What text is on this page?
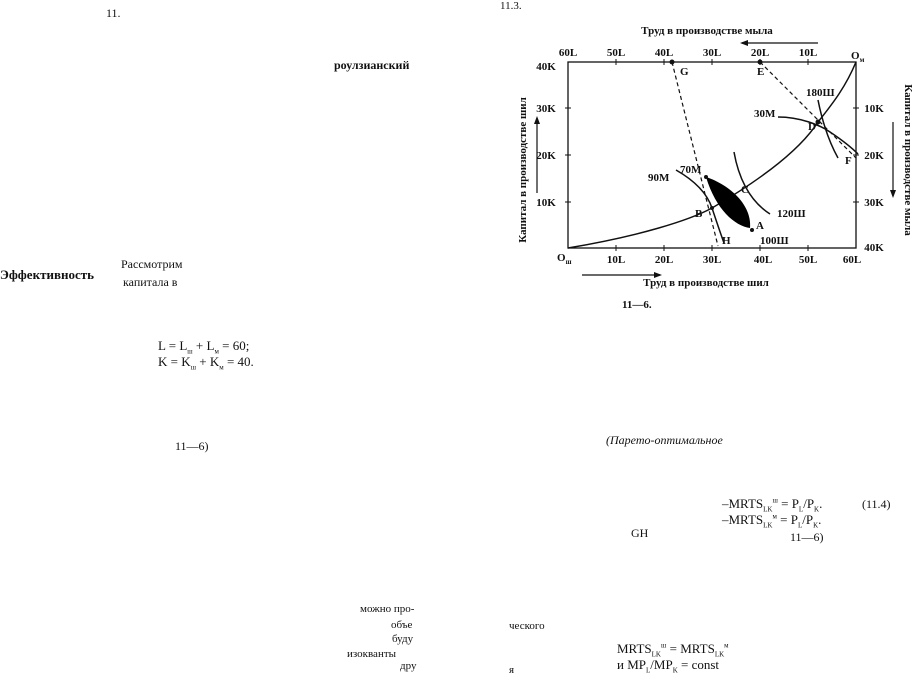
11.
роулзианский
Эффективность
Рассмотрим
капитала в
$L = L_ш + L_м = 60$;
$K = K_ш + K_м = 40$.
11—6)
можно про-
объе
буду
изокванты
дру
11.3.
(Парето-оптимальное
GH
$-MRTS_{LK}^ш = P_L/P_K$.
$-MRTS_{LK}^м = P_L/P_K$.
(11.4)
11—6)
ческого
я
$MRTS_{LK}^ш$ = $MRTS_{LK}^м$
и $MP_L/MP_K$ = const
60L	50L	40L	30L	20L	10L
10L	20L	30L	40L 50L 60L
40K
30K
20K
10K
10K
20K
30K
40K
$O_ш$
$O_м$
Труд в производстве мыла
Труд в производстве шил
Капитал в производстве шил	Капитал в производстве мыла
G	E
D
F
C
B
A
H
90M
70M
30M
180Ш
120Ш
100Ш
11—6.
